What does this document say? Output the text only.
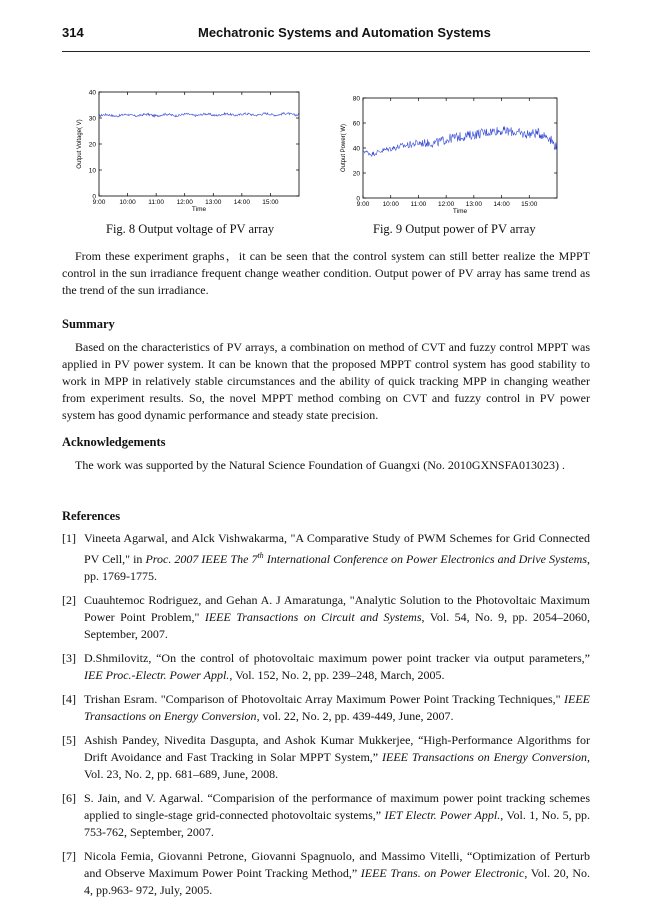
314	Mechatronic Systems and Automation Systems
0
10
20
30
40
9:00 10:00 11:00 12:00 13:00 14:00 15:00
Time
Output Voltage( V)
Fig. 8 Output voltage of PV array
0
20
40
60
80
9:00 10:00 11:00 12:00 13:00 14:00 15:00
Time
Output Power( W)
Fig. 9 Output power of PV array

From these experiment graphs，it can be seen that the control system can still better realize the MPPT control in the sun irradiance frequent change weather condition. Output power of PV array has same trend as the trend of the sun irradiance.

Summary

Based on the characteristics of PV arrays, a combination on method of CVT and fuzzy control MPPT was applied in PV power system. It can be known that the proposed MPPT control system has good stability to work in MPP in relatively stable circumstances and the ability of quick tracking MPP in changing weather from experiment results. So, the novel MPPT method combing on CVT and fuzzy control in PV power system has good dynamic performance and steady state precision.

Acknowledgements

The work was supported by the Natural Science Foundation of Guangxi (No. 2010GXNSFA013023) .

References
[1] Vineeta Agarwal, and Alck Vishwakarma, "A Comparative Study of PWM Schemes for Grid Connected PV Cell," in Proc. 2007 IEEE The 7th International Conference on Power Electronics and Drive Systems, pp. 1769-1775.
[2] Cuauhtemoc Rodriguez, and Gehan A. J Amaratunga, "Analytic Solution to the Photovoltaic Maximum Power Point Problem," IEEE Transactions on Circuit and Systems, Vol. 54, No. 9, pp. 2054–2060, September, 2007.
[3] D.Shmilovitz, “On the control of photovoltaic maximum power point tracker via output parameters,” IEE Proc.-Electr. Power Appl., Vol. 152, No. 2, pp. 239–248, March, 2005.
[4] Trishan Esram. "Comparison of Photovoltaic Array Maximum Power Point Tracking Techniques," IEEE Transactions on Energy Conversion, vol. 22, No. 2, pp. 439-449, June, 2007.
[5] Ashish Pandey, Nivedita Dasgupta, and Ashok Kumar Mukkerjee, “High-Performance Algorithms for Drift Avoidance and Fast Tracking in Solar MPPT System,” IEEE Transactions on Energy Conversion, Vol. 23, No. 2, pp. 681–689, June, 2008.
[6] S. Jain, and V. Agarwal. “Comparision of the performance of maximum power point tracking schemes applied to single-stage grid-connected photovoltaic systems,” IET Electr. Power Appl., Vol. 1, No. 5, pp. 753-762, September, 2007.
[7] Nicola Femia, Giovanni Petrone, Giovanni Spagnuolo, and Massimo Vitelli, “Optimization of Perturb and Observe Maximum Power Point Tracking Method,” IEEE Trans. on Power Electronic, Vol. 20, No. 4, pp.963- 972, July, 2005.
